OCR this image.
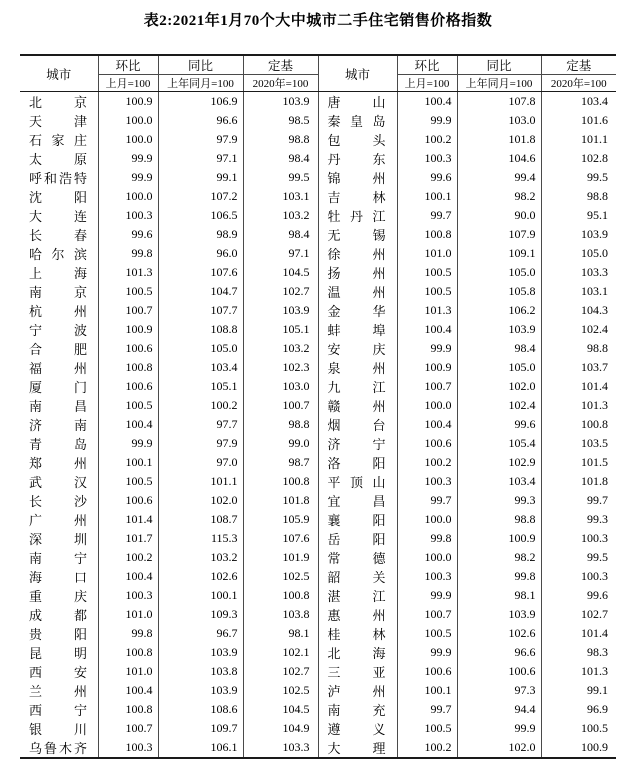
表2:2021年1月70个大中城市二手住宅销售价格指数
城市	环比	同比	定基	城市	环比	同比	定基
	上月=100	上年同月=100	2020年=100		上月=100	上年同月=100	2020年=100
北京	100.9	106.9	103.9	唐山	100.4	107.8	103.4
天津	100.0	96.6	98.5	秦皇岛	99.9	103.0	101.6
石家庄	100.0	97.9	98.8	包头	100.2	101.8	101.1
太原	99.9	97.1	98.4	丹东	100.3	104.6	102.8
呼和浩特	99.9	99.1	99.5	锦州	99.6	99.4	99.5
沈阳	100.0	107.2	103.1	吉林	100.1	98.2	98.8
大连	100.3	106.5	103.2	牡丹江	99.7	90.0	95.1
长春	99.6	98.9	98.4	无锡	100.8	107.9	103.9
哈尔滨	99.8	96.0	97.1	徐州	101.0	109.1	105.0
上海	101.3	107.6	104.5	扬州	100.5	105.0	103.3
南京	100.5	104.7	102.7	温州	100.5	105.8	103.1
杭州	100.7	107.7	103.9	金华	101.3	106.2	104.3
宁波	100.9	108.8	105.1	蚌埠	100.4	103.9	102.4
合肥	100.6	105.0	103.2	安庆	99.9	98.4	98.8
福州	100.8	103.4	102.3	泉州	100.9	105.0	103.7
厦门	100.6	105.1	103.0	九江	100.7	102.0	101.4
南昌	100.5	100.2	100.7	赣州	100.0	102.4	101.3
济南	100.4	97.7	98.8	烟台	100.4	99.6	100.8
青岛	99.9	97.9	99.0	济宁	100.6	105.4	103.5
郑州	100.1	97.0	98.7	洛阳	100.2	102.9	101.5
武汉	100.5	101.1	100.8	平顶山	100.3	103.4	101.8
长沙	100.6	102.0	101.8	宜昌	99.7	99.3	99.7
广州	101.4	108.7	105.9	襄阳	100.0	98.8	99.3
深圳	101.7	115.3	107.6	岳阳	99.8	100.9	100.3
南宁	100.2	103.2	101.9	常德	100.0	98.2	99.5
海口	100.4	102.6	102.5	韶关	100.3	99.8	100.3
重庆	100.3	100.1	100.8	湛江	99.9	98.1	99.6
成都	101.0	109.3	103.8	惠州	100.7	103.9	102.7
贵阳	99.8	96.7	98.1	桂林	100.5	102.6	101.4
昆明	100.8	103.9	102.1	北海	99.9	96.6	98.3
西安	101.0	103.8	102.7	三亚	100.6	100.6	101.3
兰州	100.4	103.9	102.5	泸州	100.1	97.3	99.1
西宁	100.8	108.6	104.5	南充	99.7	94.4	96.9
银川	100.7	109.7	104.9	遵义	100.5	99.9	100.5
乌鲁木齐	100.3	106.1	103.3	大理	100.2	102.0	100.9
